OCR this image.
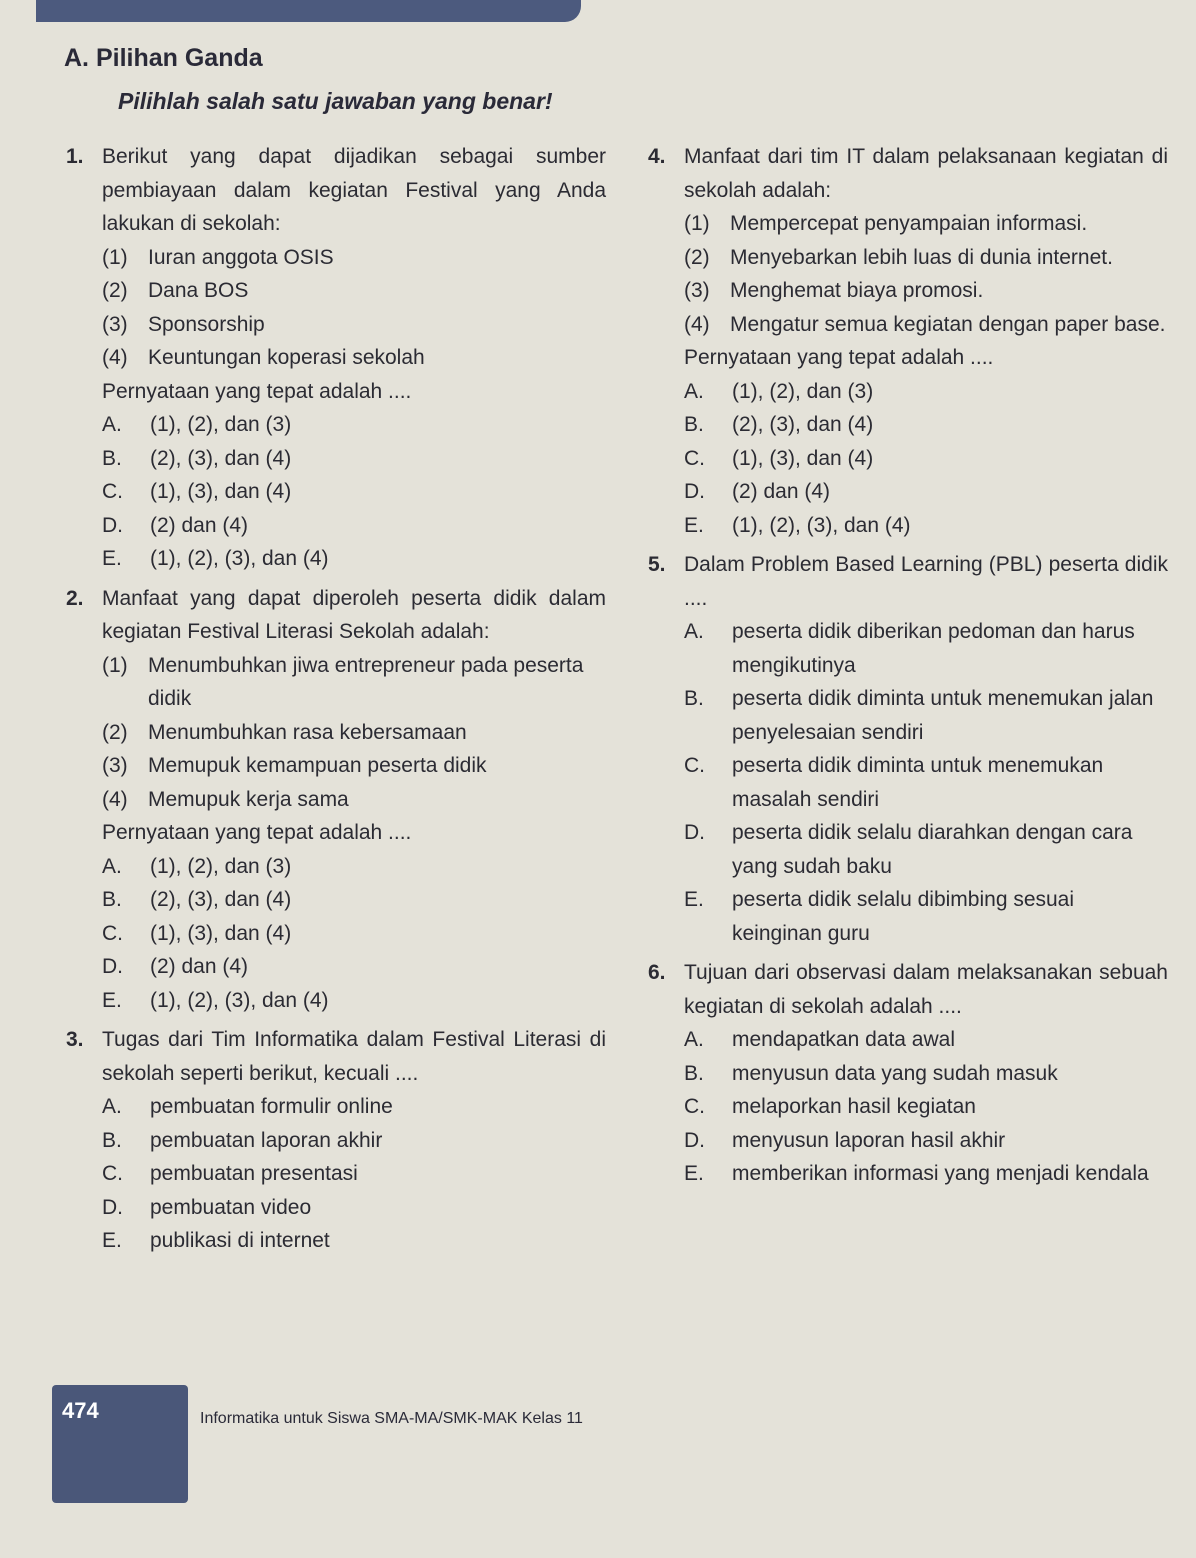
A. Pilihan Ganda
Pilihlah salah satu jawaban yang benar!
1. Berikut yang dapat dijadikan sebagai sumber pembiayaan dalam kegiatan Festival yang Anda lakukan di sekolah:
(1) Iuran anggota OSIS
(2) Dana BOS
(3) Sponsorship
(4) Keuntungan koperasi sekolah
Pernyataan yang tepat adalah ....
A.	(1), (2), dan (3)
B.	(2), (3), dan (4)
C.	(1), (3), dan (4)
D.	(2) dan (4)
E.	(1), (2), (3), dan (4)
2. Manfaat yang dapat diperoleh peserta didik dalam kegiatan Festival Literasi Sekolah adalah:
(1) Menumbuhkan jiwa entrepreneur pada peserta didik
(2) Menumbuhkan rasa kebersamaan
(3) Memupuk kemampuan peserta didik
(4) Memupuk kerja sama
Pernyataan yang tepat adalah ....
A.	(1), (2), dan (3)
B.	(2), (3), dan (4)
C.	(1), (3), dan (4)
D.	(2) dan (4)
E.	(1), (2), (3), dan (4)
3. Tugas dari Tim Informatika dalam Festival Literasi di sekolah seperti berikut, kecuali ....
A.	pembuatan formulir online
B.	pembuatan laporan akhir
C.	pembuatan presentasi
D.	pembuatan video
E.	publikasi di internet
4. Manfaat dari tim IT dalam pelaksanaan kegiatan di sekolah adalah:
(1) Mempercepat penyampaian informasi.
(2) Menyebarkan lebih luas di dunia internet.
(3) Menghemat biaya promosi.
(4) Mengatur semua kegiatan dengan paper base.
Pernyataan yang tepat adalah ....
A.	(1), (2), dan (3)
B.	(2), (3), dan (4)
C.	(1), (3), dan (4)
D.	(2) dan (4)
E.	(1), (2), (3), dan (4)
5. Dalam Problem Based Learning (PBL) peserta didik ....
A.	peserta didik diberikan pedoman dan harus mengikutinya
B.	peserta didik diminta untuk menemukan jalan penyelesaian sendiri
C.	peserta didik diminta untuk menemukan masalah sendiri
D.	peserta didik selalu diarahkan dengan cara yang sudah baku
E.	peserta didik selalu dibimbing sesuai keinginan guru
6. Tujuan dari observasi dalam melaksanakan sebuah kegiatan di sekolah adalah ....
A.	mendapatkan data awal
B.	menyusun data yang sudah masuk
C.	melaporkan hasil kegiatan
D.	menyusun laporan hasil akhir
E.	memberikan informasi yang menjadi kendala
474	Informatika untuk Siswa SMA-MA/SMK-MAK Kelas 11
